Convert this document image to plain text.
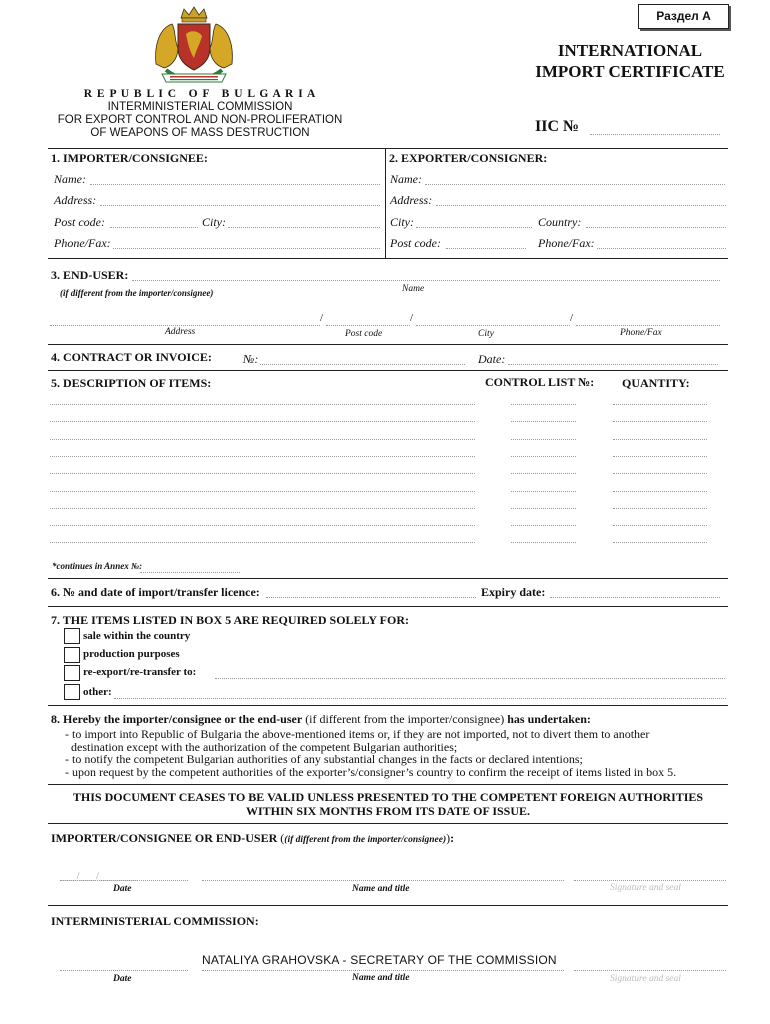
Раздел А
INTERNATIONAL
IMPORT CERTIFICATE
R E P U B L I C   O F   B U L G A R I A
INTERMINISTERIAL COMMISSION
FOR EXPORT CONTROL AND NON-PROLIFERATION
OF WEAPONS OF MASS DESTRUCTION	IIC №
1. IMPORTER/CONSIGNEE:
Name:
Address:
Post code:	City:
Phone/Fax:
2. EXPORTER/CONSIGNER:
Name:
Address:
City:	Country:
Post code:	Phone/Fax:
3. END-USER:
(if different from the importer/consignee)	Name
/	/	/
Address	Post code	City	Phone/Fax
4. CONTRACT OR INVOICE:	№:	Date:
5. DESCRIPTION OF ITEMS:	CONTROL LIST №: QUANTITY:
*continues in Annex №:
6. № and date of import/transfer licence:	Expiry date:
7. THE ITEMS LISTED IN BOX 5 ARE REQUIRED SOLELY FOR:
sale within the country
production purposes
re-export/re-transfer to:
other:
8. Hereby the importer/consignee or the end-user (if different from the importer/consignee) has undertaken:
- to import into Republic of Bulgaria the above-mentioned items or, if they are not imported, not to divert them to another
destination except with the authorization of the competent Bulgarian authorities;
- to notify the competent Bulgarian authorities of any substantial changes in the facts or declared intentions;
- upon request by the competent authorities of the exporter’s/consigner’s country to confirm the receipt of items listed in box 5.
THIS DOCUMENT CEASES TO BE VALID UNLESS PRESENTED TO THE COMPETENT FOREIGN AUTHORITIES
WITHIN SIX MONTHS FROM ITS DATE OF ISSUE.
IMPORTER/CONSIGNEE OR END-USER ((if different from the importer/consignee)):
___/___/_______
Date	Name and title	Signature and seal
INTERMINISTERIAL COMMISSION:
Date
NATALIYA GRAHOVSKA - SECRETARY OF THE COMMISSION
Name and title	Signature and seal
